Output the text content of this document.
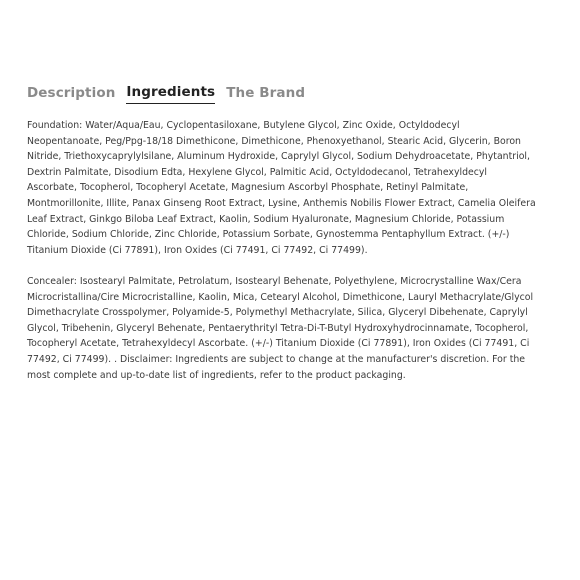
Description Ingredients The Brand

Foundation: Water/Aqua/Eau, Cyclopentasiloxane, Butylene Glycol, Zinc Oxide, Octyldodecyl Neopentanoate, Peg/Ppg-18/18 Dimethicone, Dimethicone, Phenoxyethanol, Stearic Acid, Glycerin, Boron Nitride, Triethoxycaprylylsilane, Aluminum Hydroxide, Caprylyl Glycol, Sodium Dehydroacetate, Phytantriol, Dextrin Palmitate, Disodium Edta, Hexylene Glycol, Palmitic Acid, Octyldodecanol, Tetrahexyldecyl Ascorbate, Tocopherol, Tocopheryl Acetate, Magnesium Ascorbyl Phosphate, Retinyl Palmitate, Montmorillonite, Illite, Panax Ginseng Root Extract, Lysine, Anthemis Nobilis Flower Extract, Camelia Oleifera Leaf Extract, Ginkgo Biloba Leaf Extract, Kaolin, Sodium Hyaluronate, Magnesium Chloride, Potassium Chloride, Sodium Chloride, Zinc Chloride, Potassium Sorbate, Gynostemma Pentaphyllum Extract. (+/-) Titanium Dioxide (Ci 77891), Iron Oxides (Ci 77491, Ci 77492, Ci 77499).

Concealer: Isostearyl Palmitate, Petrolatum, Isostearyl Behenate, Polyethylene, Microcrystalline Wax/Cera Microcristallina/Cire Microcristalline, Kaolin, Mica, Cetearyl Alcohol, Dimethicone, Lauryl Methacrylate/Glycol Dimethacrylate Crosspolymer, Polyamide-5, Polymethyl Methacrylate, Silica, Glyceryl Dibehenate, Caprylyl Glycol, Tribehenin, Glyceryl Behenate, Pentaerythrityl Tetra-Di-T-Butyl Hydroxyhydrocinnamate, Tocopherol, Tocopheryl Acetate, Tetrahexyldecyl Ascorbate. (+/-) Titanium Dioxide (Ci 77891), Iron Oxides (Ci 77491, Ci 77492, Ci 77499). . Disclaimer: Ingredients are subject to change at the manufacturer's discretion. For the most complete and up-to-date list of ingredients, refer to the product packaging.
